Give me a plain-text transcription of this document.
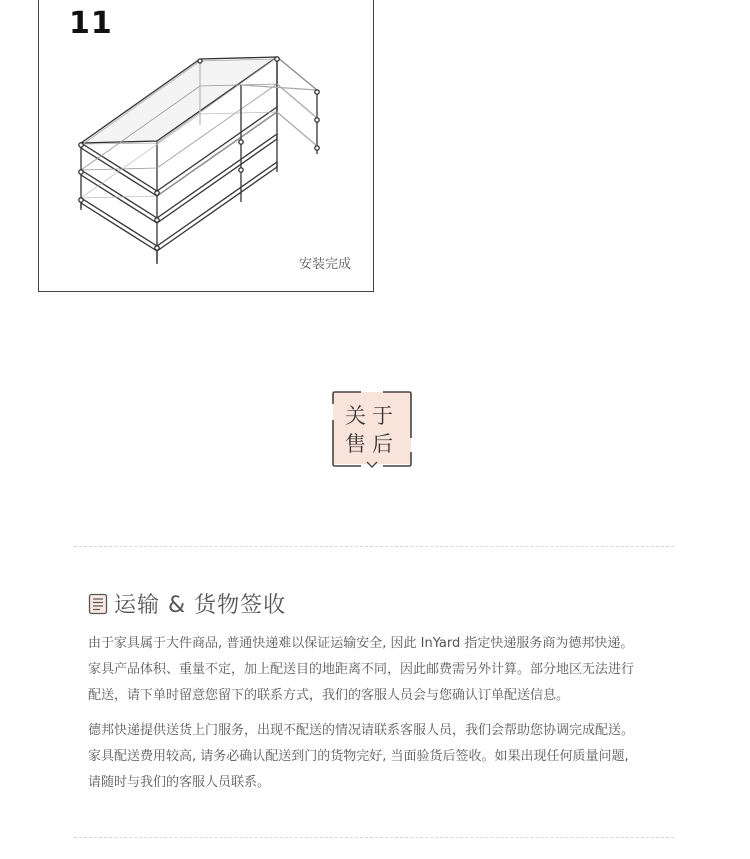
11
安装完成
关于
售后
运输 & 货物签收
由于家具属于大件商品, 普通快递难以保证运输安全, 因此 InYard 指定快递服务商为德邦快递。
家具产品体积、重量不定，加上配送目的地距离不同，因此邮费需另外计算。部分地区无法进行
配送，请下单时留意您留下的联系方式，我们的客服人员会与您确认订单配送信息。
德邦快递提供送货上门服务，出现不配送的情况请联系客服人员，我们会帮助您协调完成配送。
家具配送费用较高, 请务必确认配送到门的货物完好, 当面验货后签收。如果出现任何质量问题,
请随时与我们的客服人员联系。
